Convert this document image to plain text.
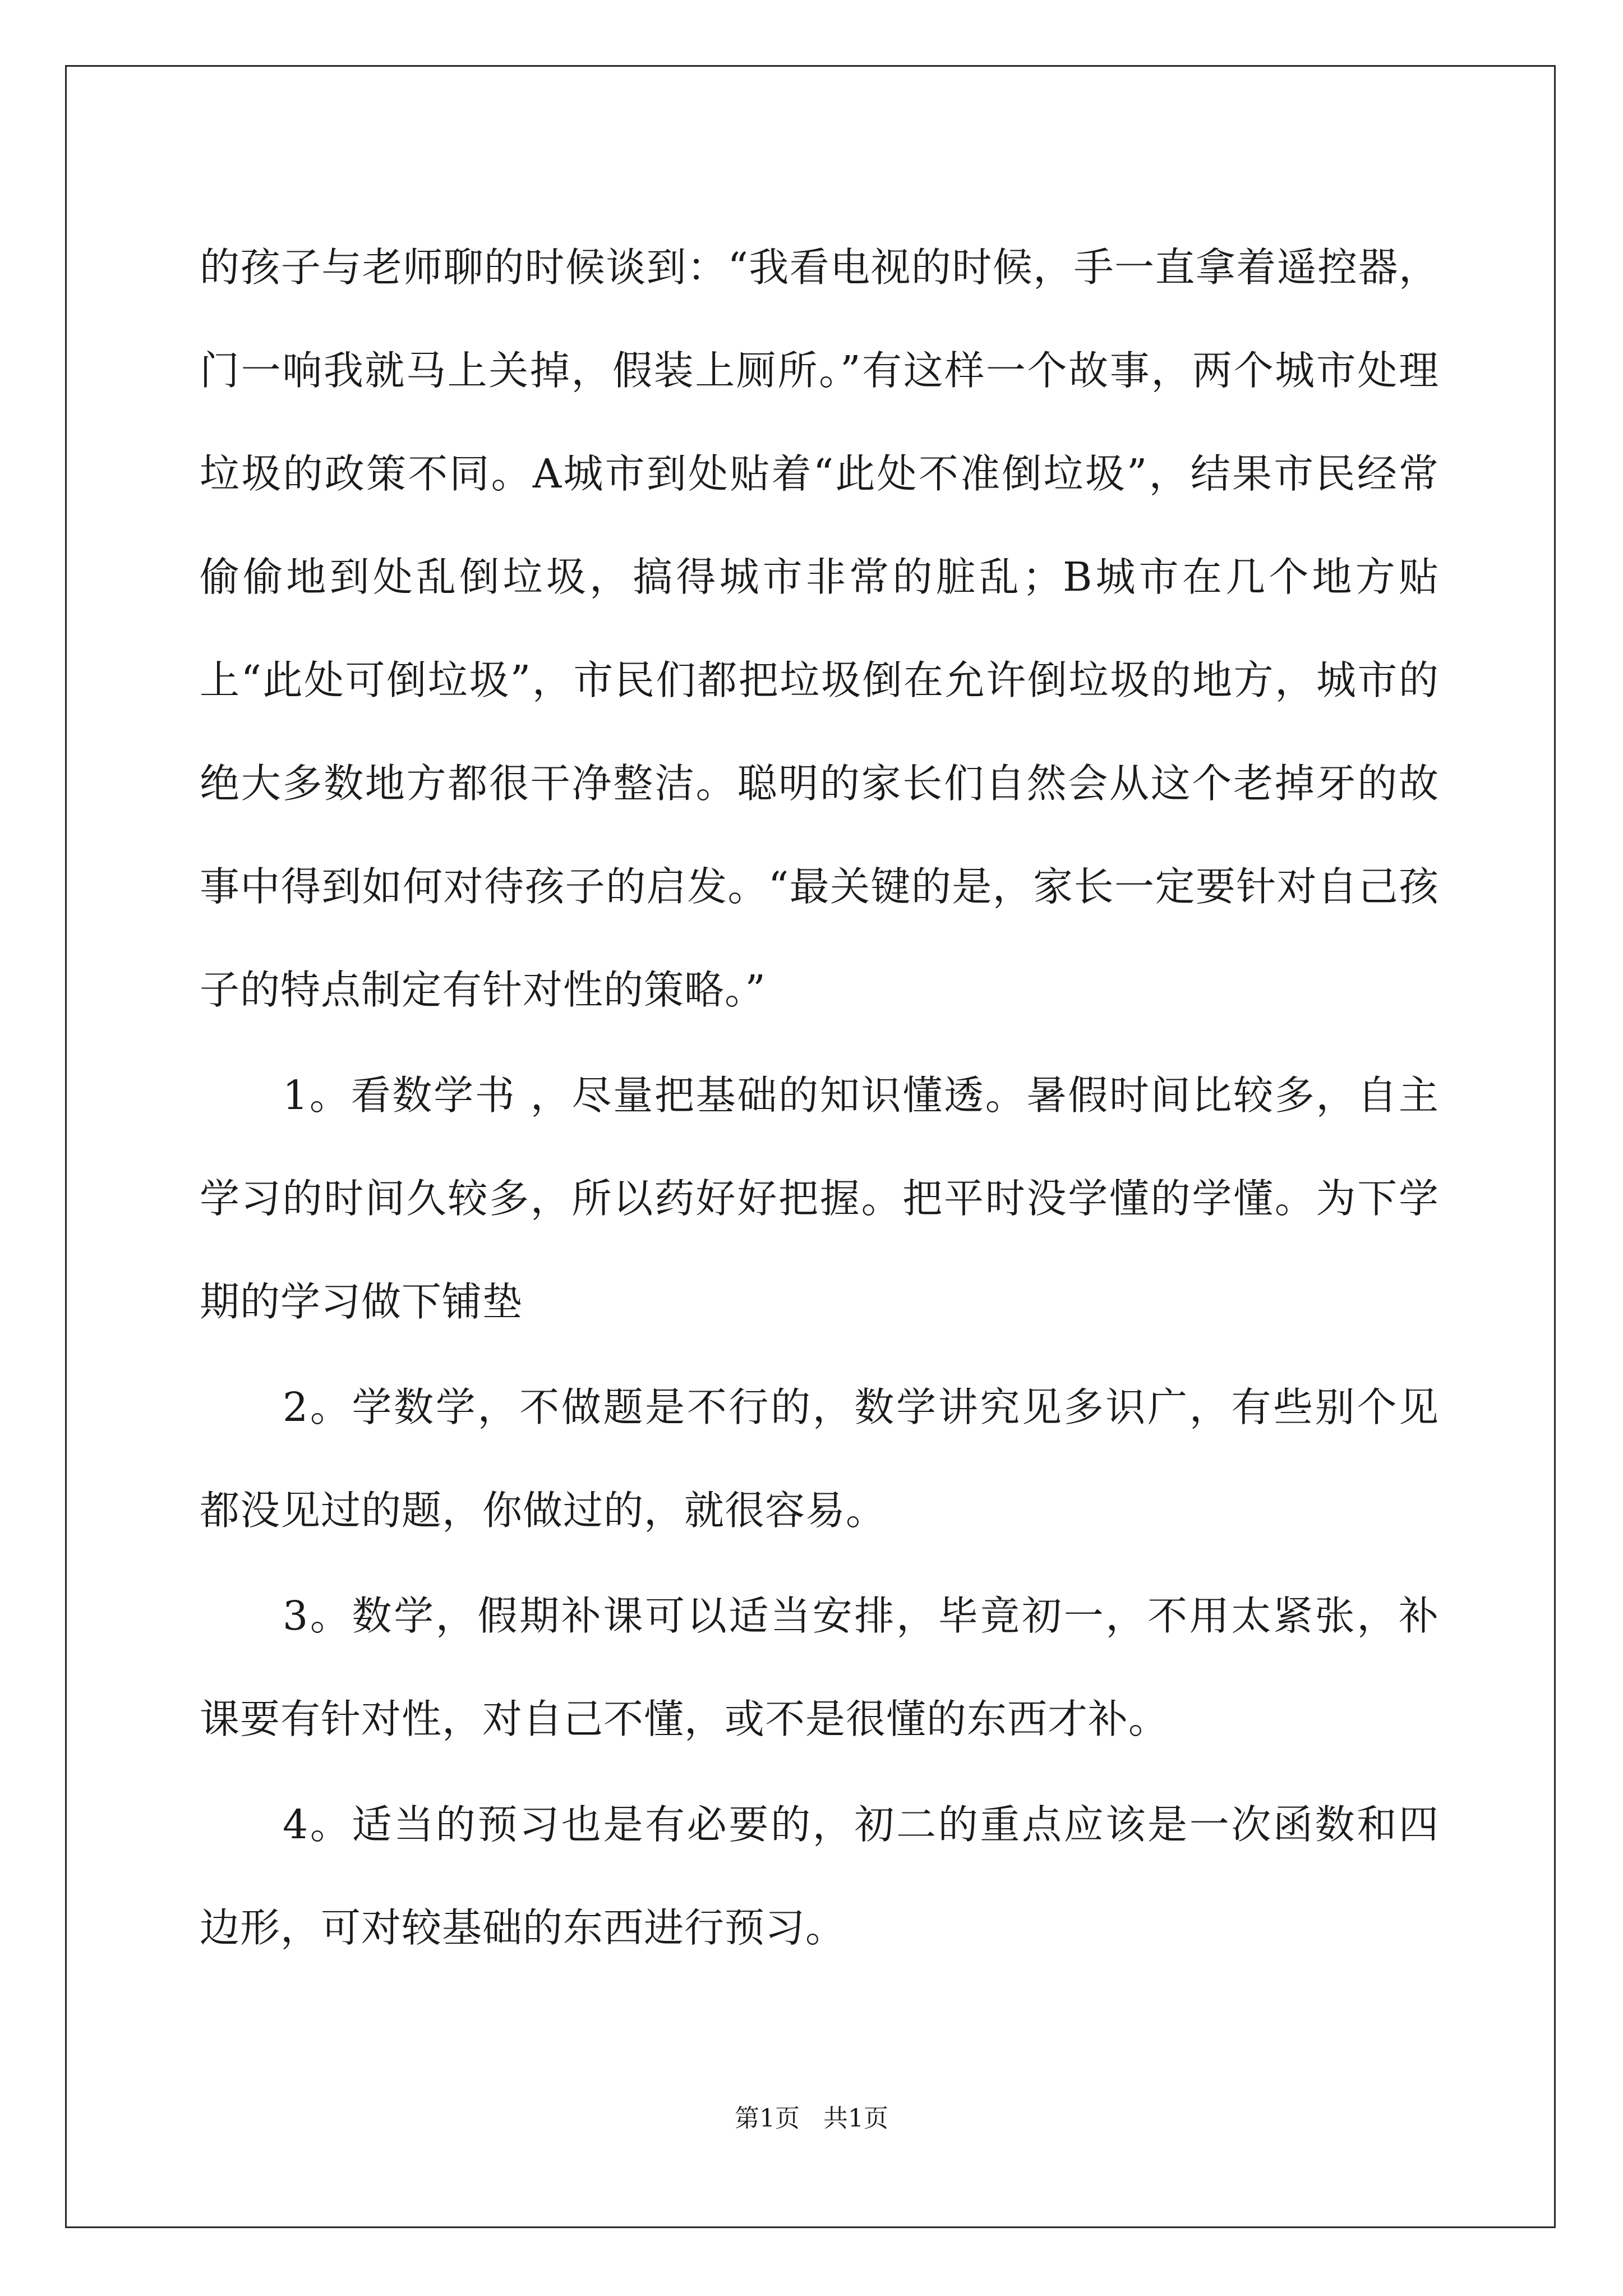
的孩子与老师聊的时候谈到：“我看电视的时候，手一直拿着遥控器，门一响我就马上关掉，假装上厕所。”有这样一个故事，两个城市处理垃圾的政策不同。A城市到处贴着“此处不准倒垃圾”，结果市民经常偷偷地到处乱倒垃圾，搞得城市非常的脏乱；B城市在几个地方贴上“此处可倒垃圾”，市民们都把垃圾倒在允许倒垃圾的地方，城市的绝大多数地方都很干净整洁。聪明的家长们自然会从这个老掉牙的故事中得到如何对待孩子的启发。“最关键的是，家长一定要针对自己孩子的特点制定有针对性的策略。”

1。看数学书 ，尽量把基础的知识懂透。暑假时间比较多，自主学习的时间久较多，所以药好好把握。把平时没学懂的学懂。为下学期的学习做下铺垫

2。学数学，不做题是不行的，数学讲究见多识广，有些别个见都没见过的题，你做过的，就很容易。

3。数学，假期补课可以适当安排，毕竟初一，不用太紧张，补课要有针对性，对自己不懂，或不是很懂的东西才补。

4。适当的预习也是有必要的，初二的重点应该是一次函数和四边形，可对较基础的东西进行预习。

第1页   共1页
